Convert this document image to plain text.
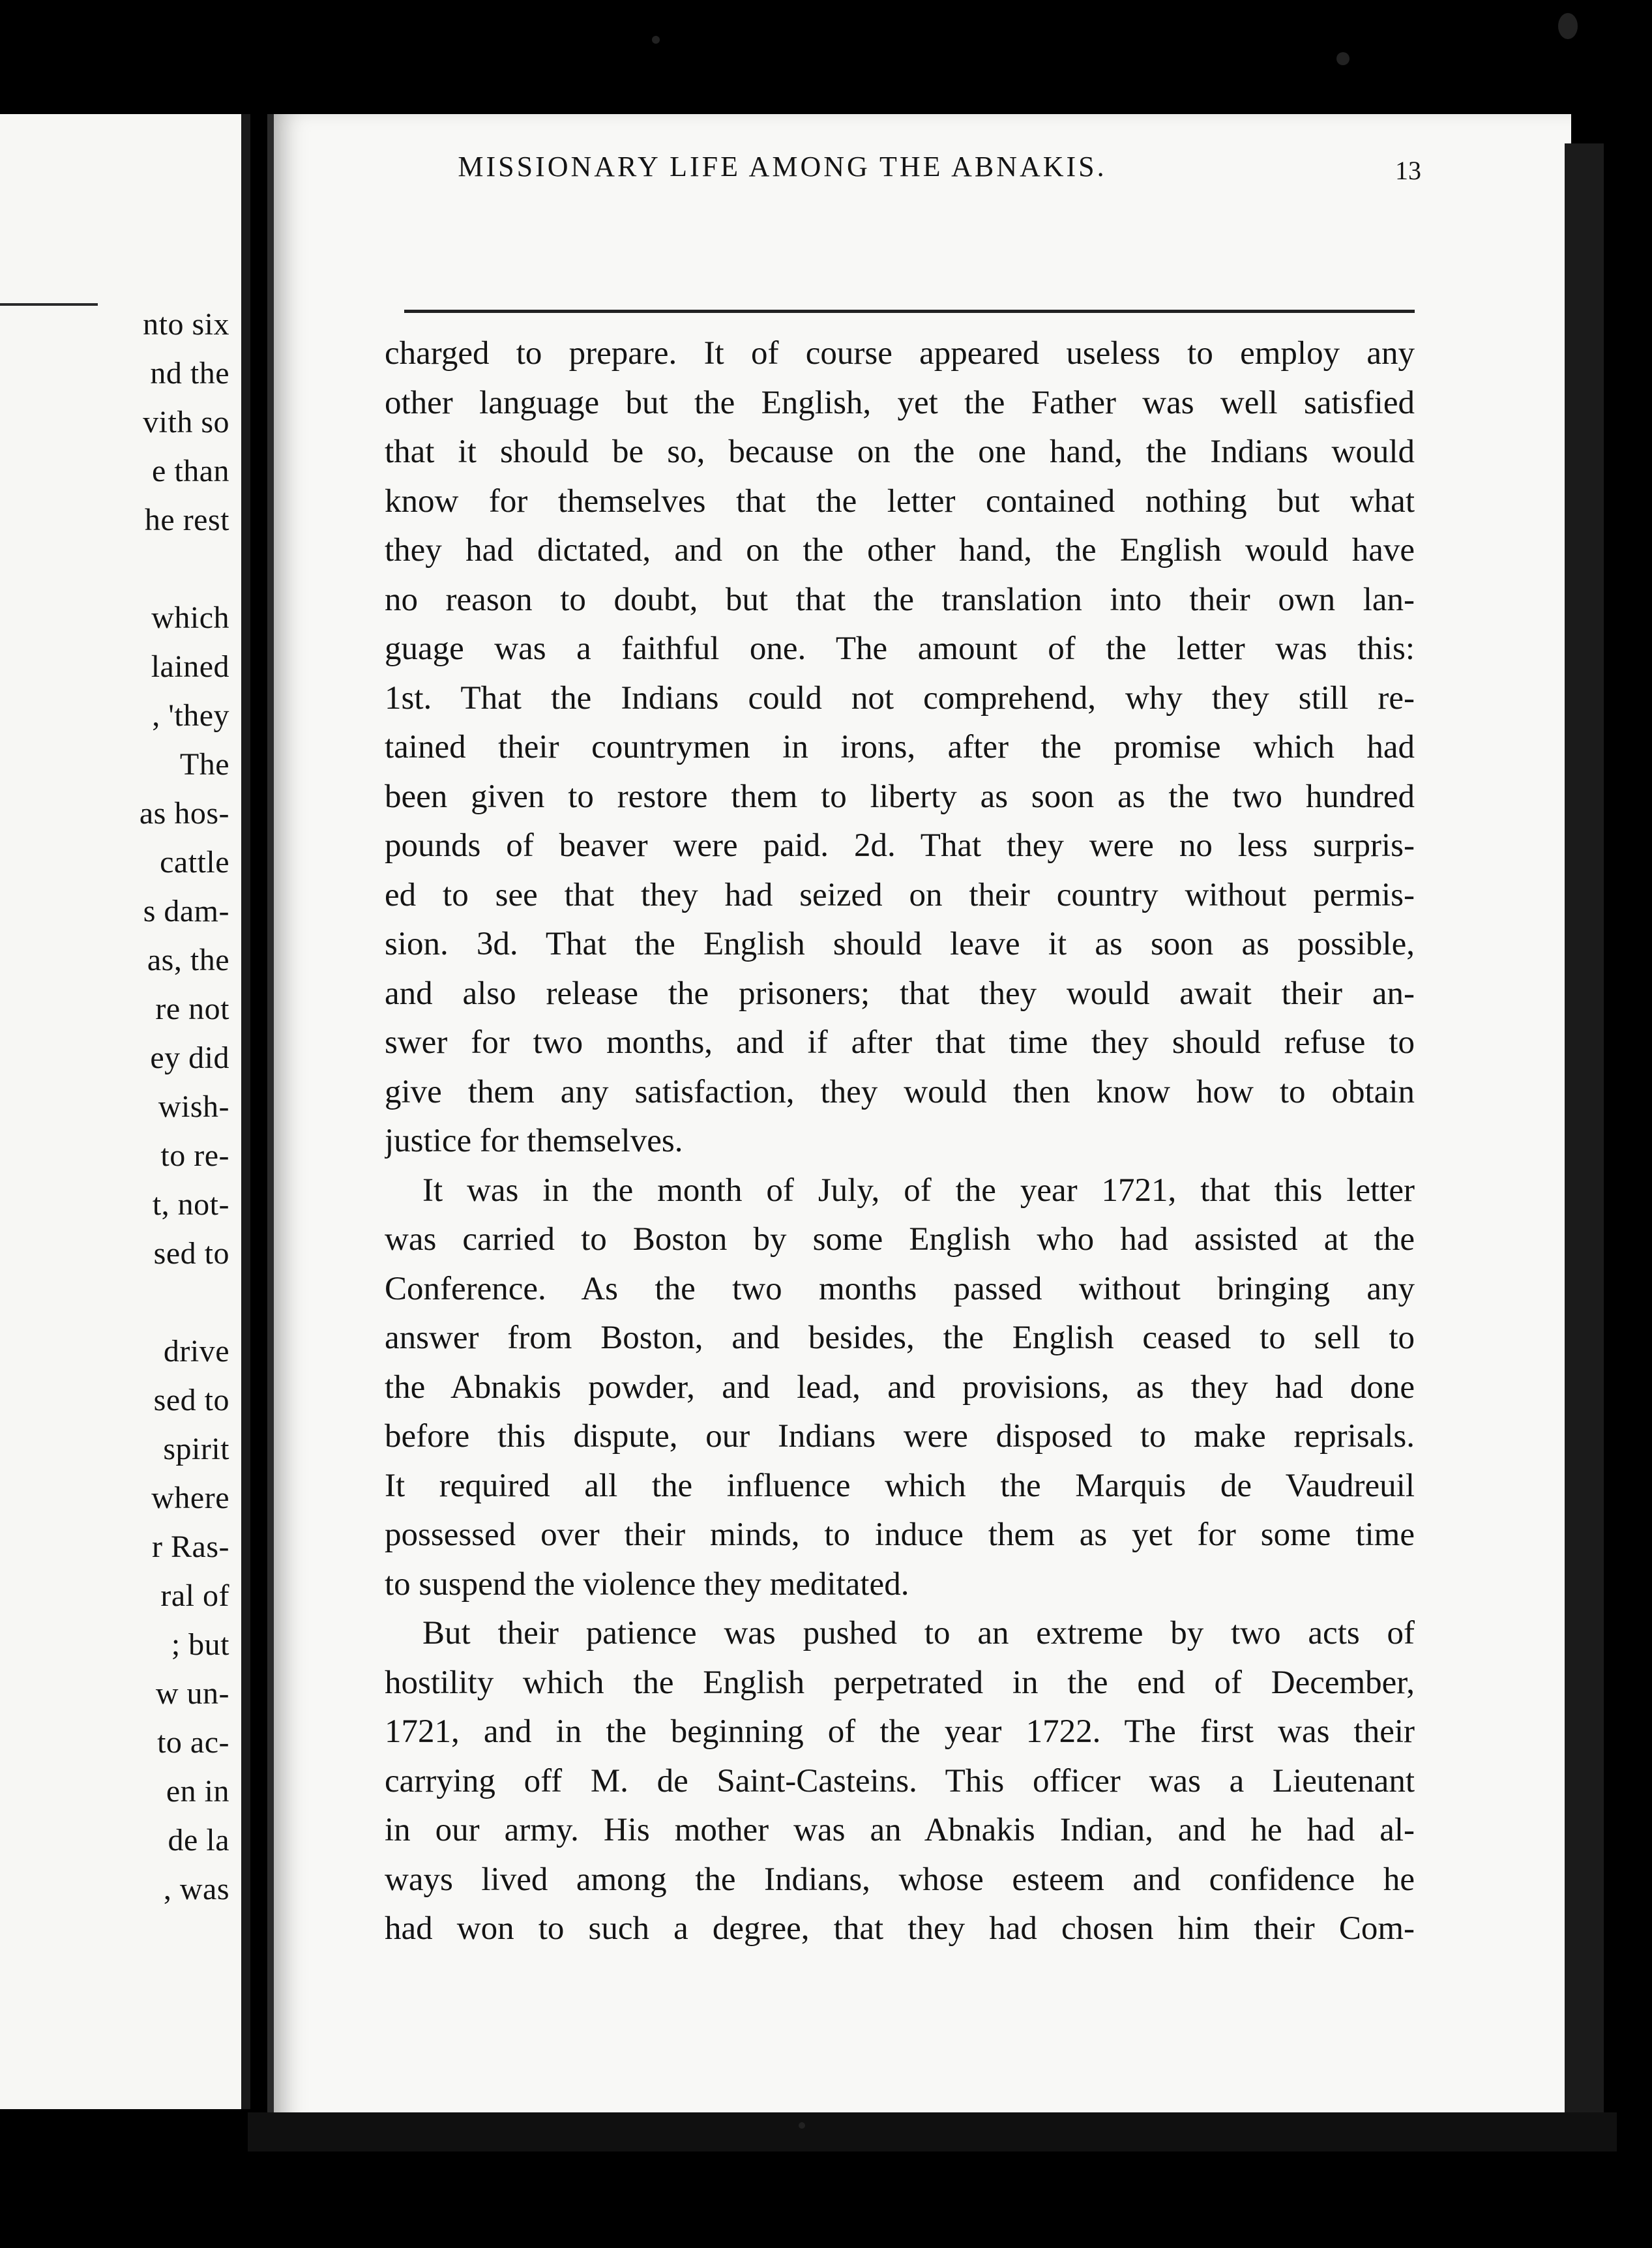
nto six
nd the
vith so
e than
he rest
which
lained
, 'they
The
as hos-
cattle
s dam-
as, the
re not
ey did
wish-
to re-
t, not-
sed to
drive
sed to
spirit
where
r Ras-
ral of
; but
w un-
to ac-
en in
de la
, was
MISSIONARY LIFE AMONG THE ABNAKIS.	13
charged to prepare. It of course appeared useless to employ any
other language but the English, yet the Father was well satisfied
that it should be so, because on the one hand, the Indians would
know for themselves that the letter contained nothing but what
they had dictated, and on the other hand, the English would have
no reason to doubt, but that the translation into their own lan-
guage was a faithful one. The amount of the letter was this:
1st. That the Indians could not comprehend, why they still re-
tained their countrymen in irons, after the promise which had
been given to restore them to liberty as soon as the two hundred
pounds of beaver were paid. 2d. That they were no less surpris-
ed to see that they had seized on their country without permis-
sion. 3d. That the English should leave it as soon as possible,
and also release the prisoners; that they would await their an-
swer for two months, and if after that time they should refuse to
give them any satisfaction, they would then know how to obtain
justice for themselves.
It was in the month of July, of the year 1721, that this letter
was carried to Boston by some English who had assisted at the
Conference. As the two months passed without bringing any
answer from Boston, and besides, the English ceased to sell to
the Abnakis powder, and lead, and provisions, as they had done
before this dispute, our Indians were disposed to make reprisals.
It required all the influence which the Marquis de Vaudreuil
possessed over their minds, to induce them as yet for some time
to suspend the violence they meditated.
But their patience was pushed to an extreme by two acts of
hostility which the English perpetrated in the end of December,
1721, and in the beginning of the year 1722. The first was their
carrying off M. de Saint-Casteins. This officer was a Lieutenant
in our army. His mother was an Abnakis Indian, and he had al-
ways lived among the Indians, whose esteem and confidence he
had won to such a degree, that they had chosen him their Com-
